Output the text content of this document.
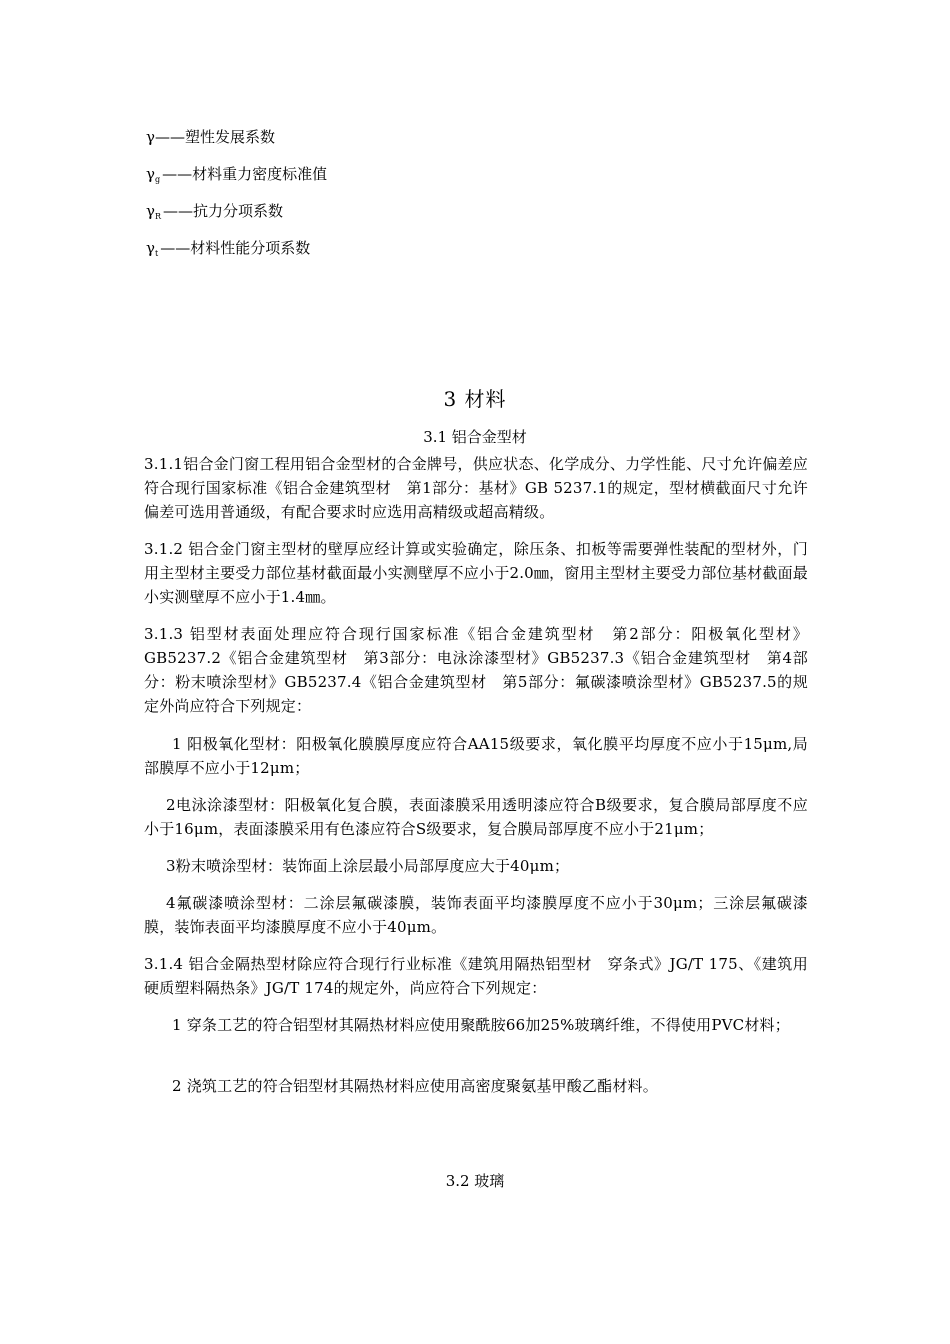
γ——塑性发展系数
$\gamma_g$ ——材料重力密度标准值
$\gamma_R$ ——抗力分项系数
$\gamma_t$ ——材料性能分项系数
3 材料
3.1 铝合金型材

3.1.1铝合金门窗工程用铝合金型材的合金牌号，供应状态、化学成分、力学性能、尺寸允许偏差应符合现行国家标准《铝合金建筑型材　第1部分：基材》GB 5237.1的规定，型材横截面尺寸允许偏差可选用普通级，有配合要求时应选用高精级或超高精级。

3.1.2 铝合金门窗主型材的壁厚应经计算或实验确定，除压条、扣板等需要弹性装配的型材外，门用主型材主要受力部位基材截面最小实测壁厚不应小于2.0㎜，窗用主型材主要受力部位基材截面最小实测壁厚不应小于1.4㎜。

3.1.3 铝型材表面处理应符合现行国家标准《铝合金建筑型材　第2部分：阳极氧化型材》GB5237.2《铝合金建筑型材　第3部分：电泳涂漆型材》GB5237.3《铝合金建筑型材　第4部分：粉末喷涂型材》GB5237.4《铝合金建筑型材　第5部分：氟碳漆喷涂型材》GB5237.5的规定外尚应符合下列规定：

1 阳极氧化型材：阳极氧化膜膜厚度应符合AA15级要求，氧化膜平均厚度不应小于15μm,局部膜厚不应小于12μm；

2电泳涂漆型材：阳极氧化复合膜，表面漆膜采用透明漆应符合B级要求，复合膜局部厚度不应小于16μm，表面漆膜采用有色漆应符合S级要求，复合膜局部厚度不应小于21μm；

3粉末喷涂型材：装饰面上涂层最小局部厚度应大于40μm；

4氟碳漆喷涂型材：二涂层氟碳漆膜，装饰表面平均漆膜厚度不应小于30μm；三涂层氟碳漆膜，装饰表面平均漆膜厚度不应小于40μm。

3.1.4 铝合金隔热型材除应符合现行行业标准《建筑用隔热铝型材　穿条式》JG/T 175、《建筑用硬质塑料隔热条》JG/T 174的规定外，尚应符合下列规定：

1 穿条工艺的符合铝型材其隔热材料应使用聚酰胺66加25%玻璃纤维，不得使用PVC材料；

2 浇筑工艺的符合铝型材其隔热材料应使用高密度聚氨基甲酸乙酯材料。

3.2 玻璃
